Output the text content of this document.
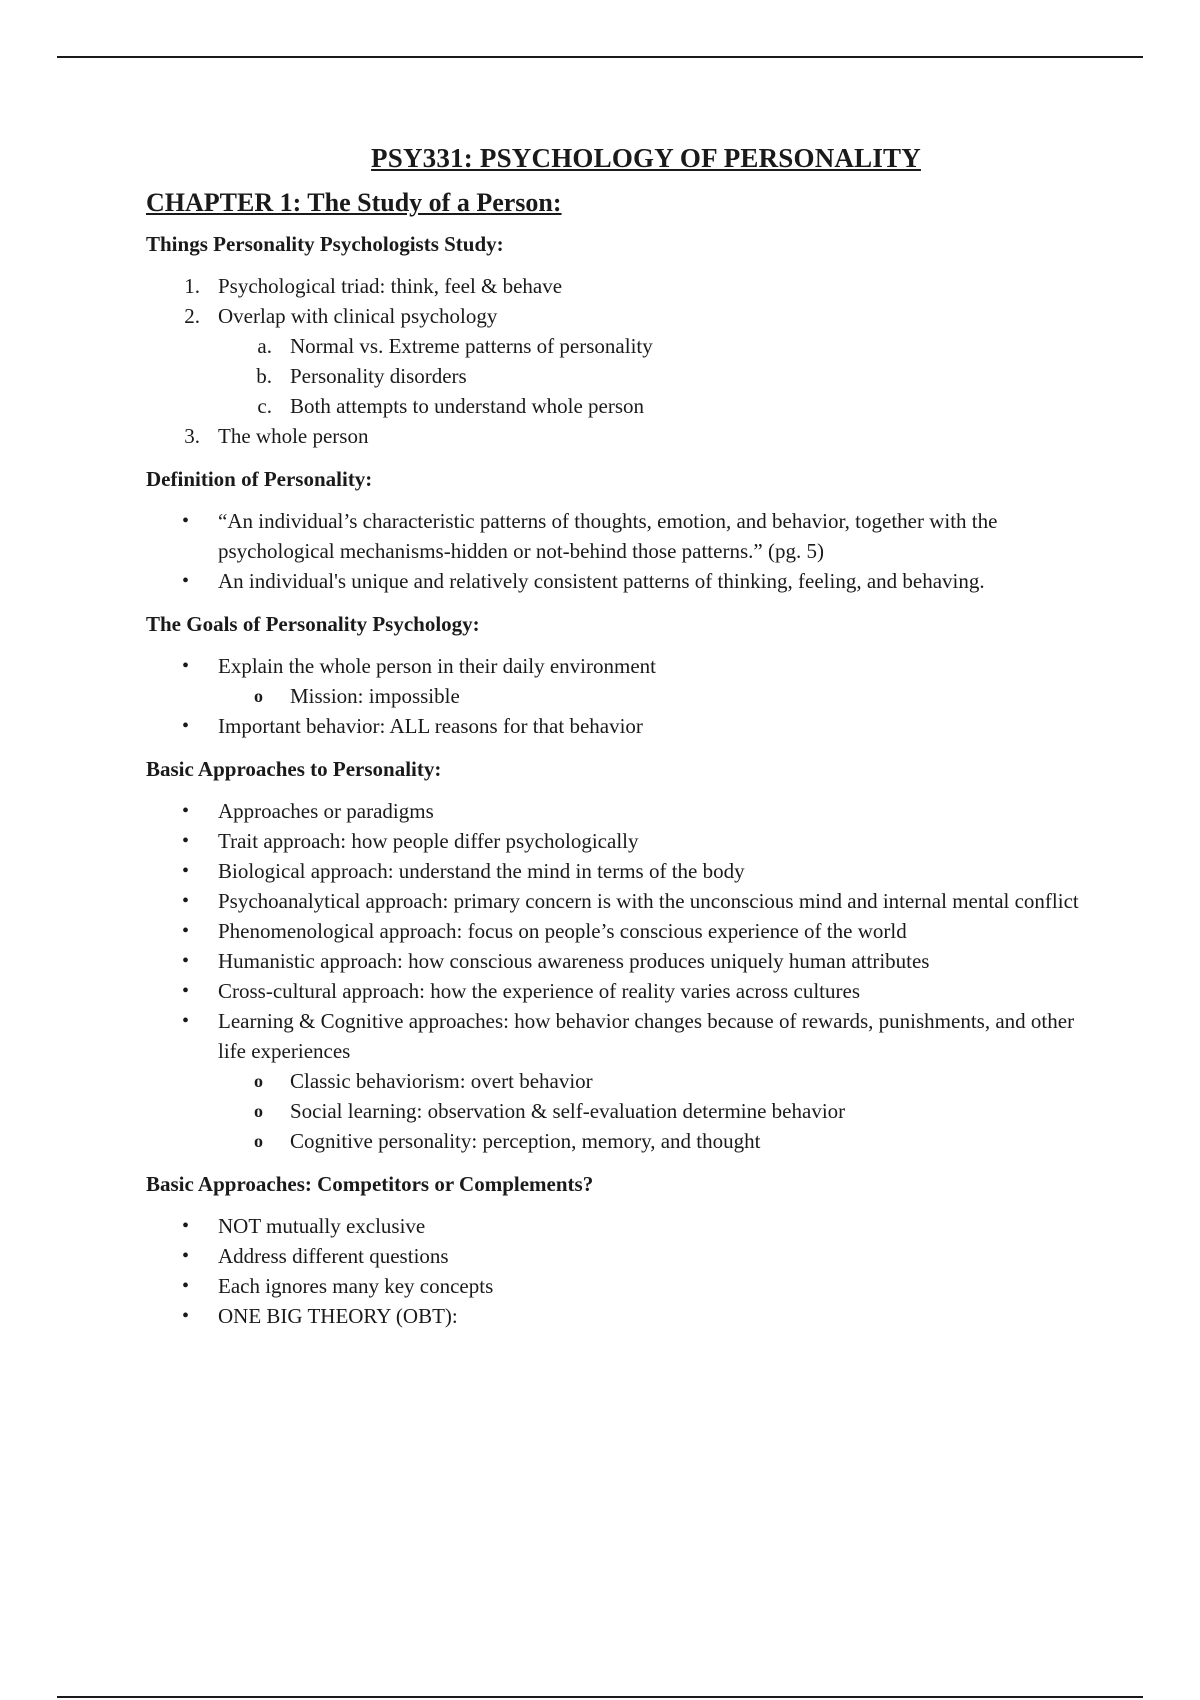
PSY331: PSYCHOLOGY OF PERSONALITY
CHAPTER 1: The Study of a Person:
Things Personality Psychologists Study:
1. Psychological triad: think, feel & behave
2. Overlap with clinical psychology
a. Normal vs. Extreme patterns of personality
b. Personality disorders
c. Both attempts to understand whole person
3. The whole person
Definition of Personality:
•	“An individual’s characteristic patterns of thoughts, emotion, and behavior, together with the psychological mechanisms-hidden or not-behind those patterns.” (pg. 5)
•	An individual's unique and relatively consistent patterns of thinking, feeling, and behaving.
The Goals of Personality Psychology:
•	Explain the whole person in their daily environment
o	Mission: impossible
•	Important behavior: ALL reasons for that behavior
Basic Approaches to Personality:
•	Approaches or paradigms
•	Trait approach: how people differ psychologically
•	Biological approach: understand the mind in terms of the body
•	Psychoanalytical approach: primary concern is with the unconscious mind and internal mental conflict
•	Phenomenological approach: focus on people’s conscious experience of the world
•	Humanistic approach: how conscious awareness produces uniquely human attributes
•	Cross-cultural approach: how the experience of reality varies across cultures
•	Learning & Cognitive approaches: how behavior changes because of rewards, punishments, and other life experiences
o	Classic behaviorism: overt behavior
o	Social learning: observation & self-evaluation determine behavior
o	Cognitive personality: perception, memory, and thought
Basic Approaches: Competitors or Complements?
•	NOT mutually exclusive
•	Address different questions
•	Each ignores many key concepts
•	ONE BIG THEORY (OBT):
